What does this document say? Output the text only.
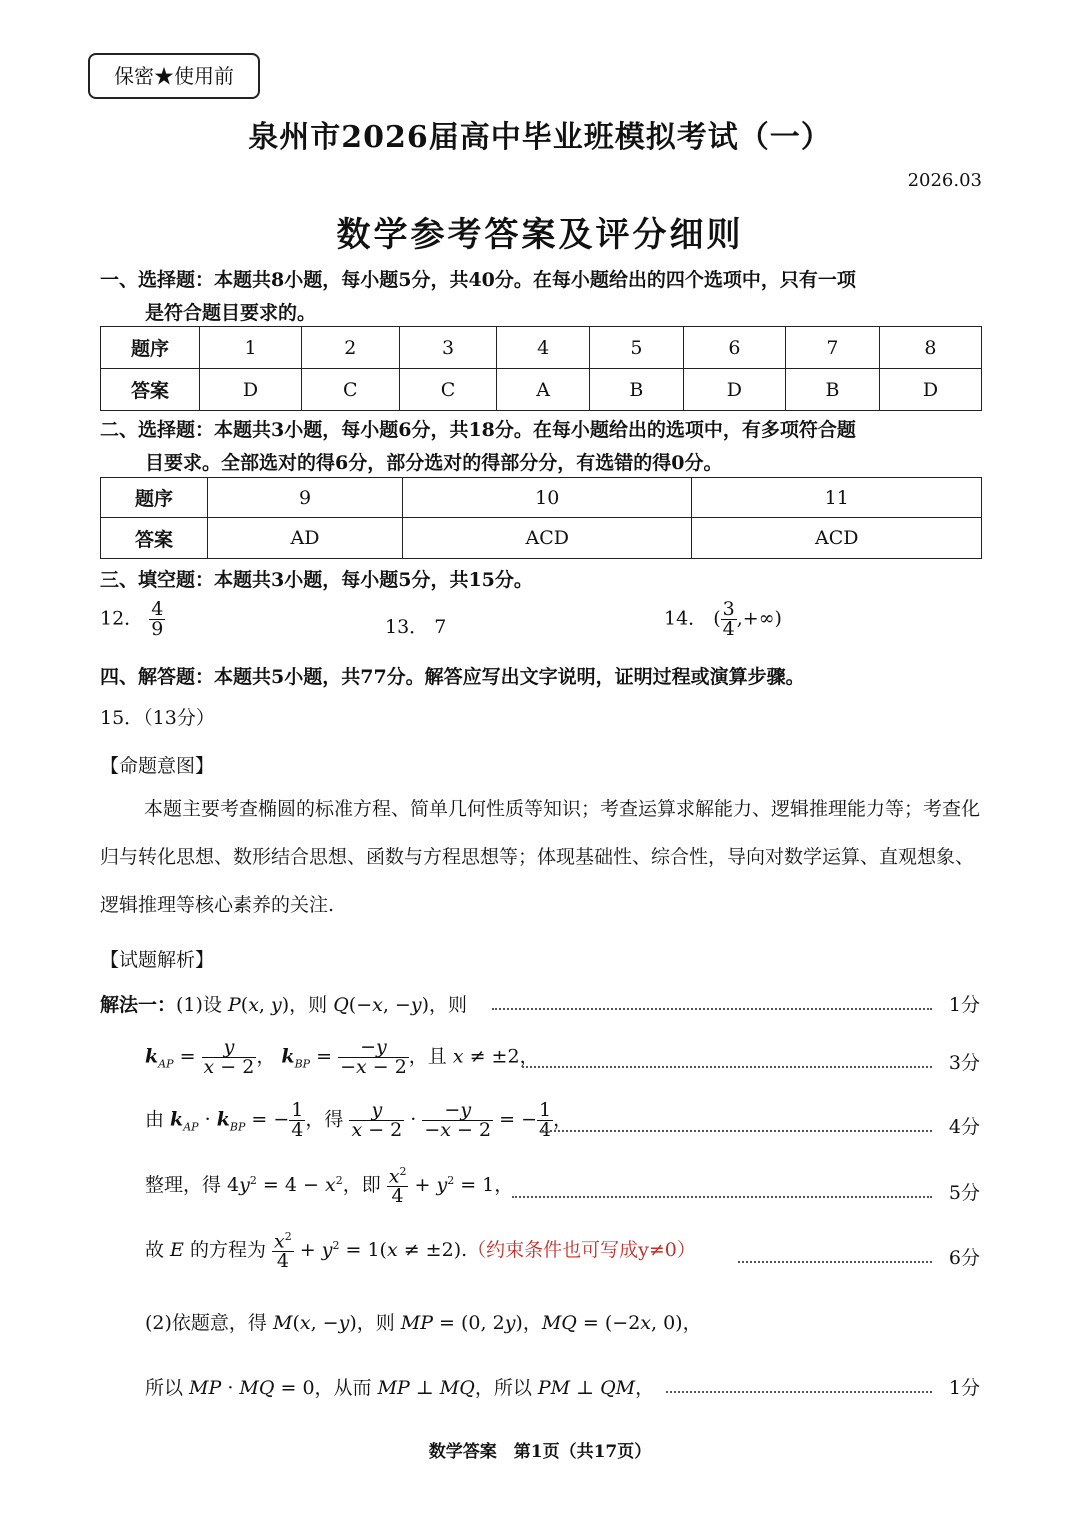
保密★使用前
泉州市2026届高中毕业班模拟考试（一）
2026.03
数学参考答案及评分细则
一、选择题：本题共8小题，每小题5分，共40分。在每小题给出的四个选项中，只有一项
是符合题目要求的。
题序	1	2	3	4	5	6	7	8
答案	D	C	C	A	B	D	B	D
二、选择题：本题共3小题，每小题6分，共18分。在每小题给出的选项中，有多项符合题
目要求。全部选对的得6分，部分选对的得部分分，有选错的得0分。
题序	9	10	11
答案	AD	ACD	ACD
三、填空题：本题共3小题，每小题5分，共15分。
12． $\frac{4}{9}$	13． 7	14． ( $\frac{3}{4}$ ,+∞)
四、解答题：本题共5小题，共77分。解答应写出文字说明，证明过程或演算步骤。
15．（13分）
【命题意图】
本题主要考查椭圆的标准方程、简单几何性质等知识；考查运算求解能力、逻辑推理能力等；考查化归与转化思想、数形结合思想、函数与方程思想等；体现基础性、综合性，导向对数学运算、直观想象、逻辑推理等核心素养的关注.
【试题解析】
解法一：(1)设 P(x, y)，则 Q(−x, −y)，则	1分
$k_{AP} = \frac{y}{x - 2}$ ， $k_{BP} = \frac{-y}{-x - 2}$ ，且 x ≠ ±2，	3分
由 $k_{AP} \cdot k_{BP}$ = − $\frac{1}{4}$ ，得 $\frac{y}{x - 2} \cdot \frac{-y}{-x - 2}$ = − $\frac{1}{4}$ ，	4分
整理，得 $4y^2 = 4 - x^2$，即 $\frac{x^2}{4} + y^2 = 1$，	5分
故 E 的方程为 $\frac{x^2}{4} + y^2 = 1(x \ne \pm 2)$.（约束条件也可写成y≠0）	6分
(2)依题意，得 M(x, −y)，则 MP = (0, 2y)，MQ = (−2x, 0)，
所以 MP · MQ = 0，从而 MP ⊥ MQ，所以 PM ⊥ QM，	1分
数学答案　第1页（共17页）
